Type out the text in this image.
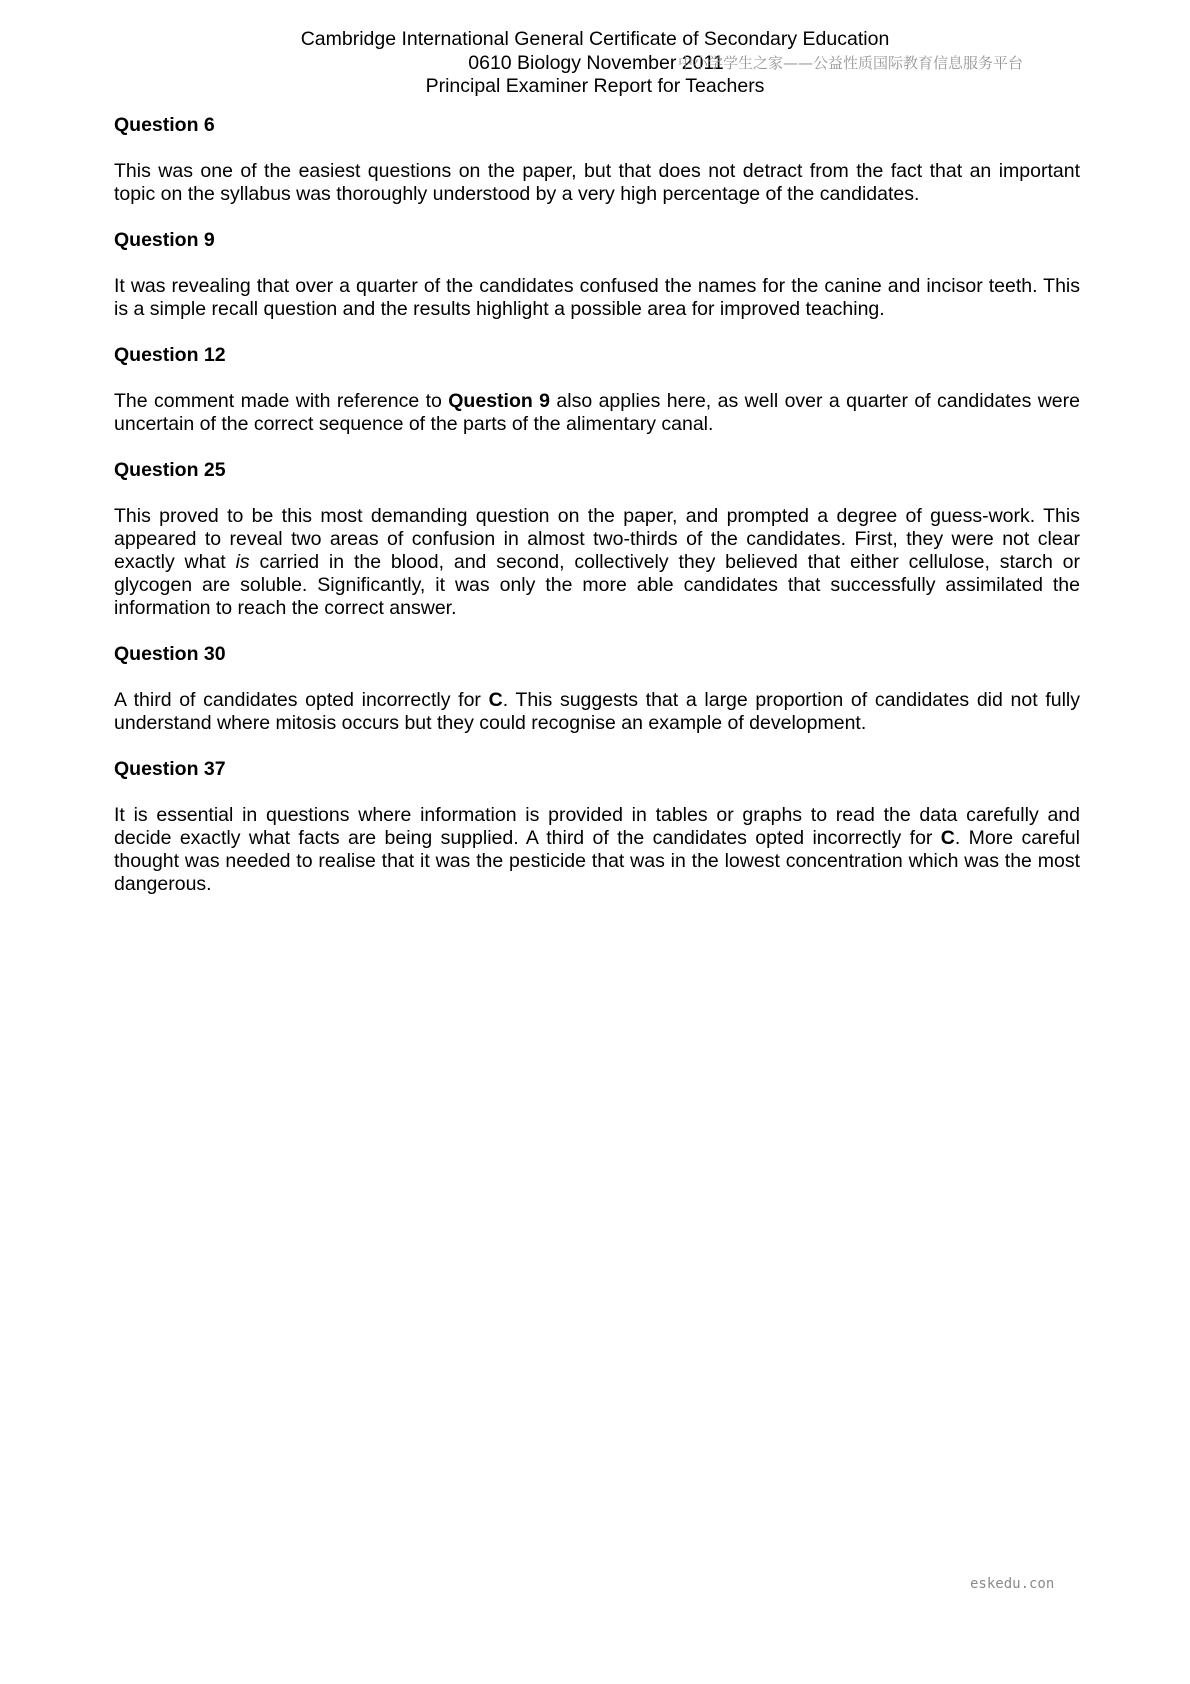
Cambridge International General Certificate of Secondary Education
0610 Biology November 2011
Principal Examiner Report for Teachers
中小学学生之家——公益性质国际教育信息服务平台

Question 6

This was one of the easiest questions on the paper, but that does not detract from the fact that an important topic on the syllabus was thoroughly understood by a very high percentage of the candidates.

Question 9

It was revealing that over a quarter of the candidates confused the names for the canine and incisor teeth. This is a simple recall question and the results highlight a possible area for improved teaching.

Question 12

The comment made with reference to Question 9 also applies here, as well over a quarter of candidates were uncertain of the correct sequence of the parts of the alimentary canal.

Question 25

This proved to be this most demanding question on the paper, and prompted a degree of guess-work. This appeared to reveal two areas of confusion in almost two-thirds of the candidates. First, they were not clear exactly what is carried in the blood, and second, collectively they believed that either cellulose, starch or glycogen are soluble. Significantly, it was only the more able candidates that successfully assimilated the information to reach the correct answer.

Question 30

A third of candidates opted incorrectly for C. This suggests that a large proportion of candidates did not fully understand where mitosis occurs but they could recognise an example of development.

Question 37

It is essential in questions where information is provided in tables or graphs to read the data carefully and decide exactly what facts are being supplied. A third of the candidates opted incorrectly for C. More careful thought was needed to realise that it was the pesticide that was in the lowest concentration which was the most dangerous.

eskedu.con
